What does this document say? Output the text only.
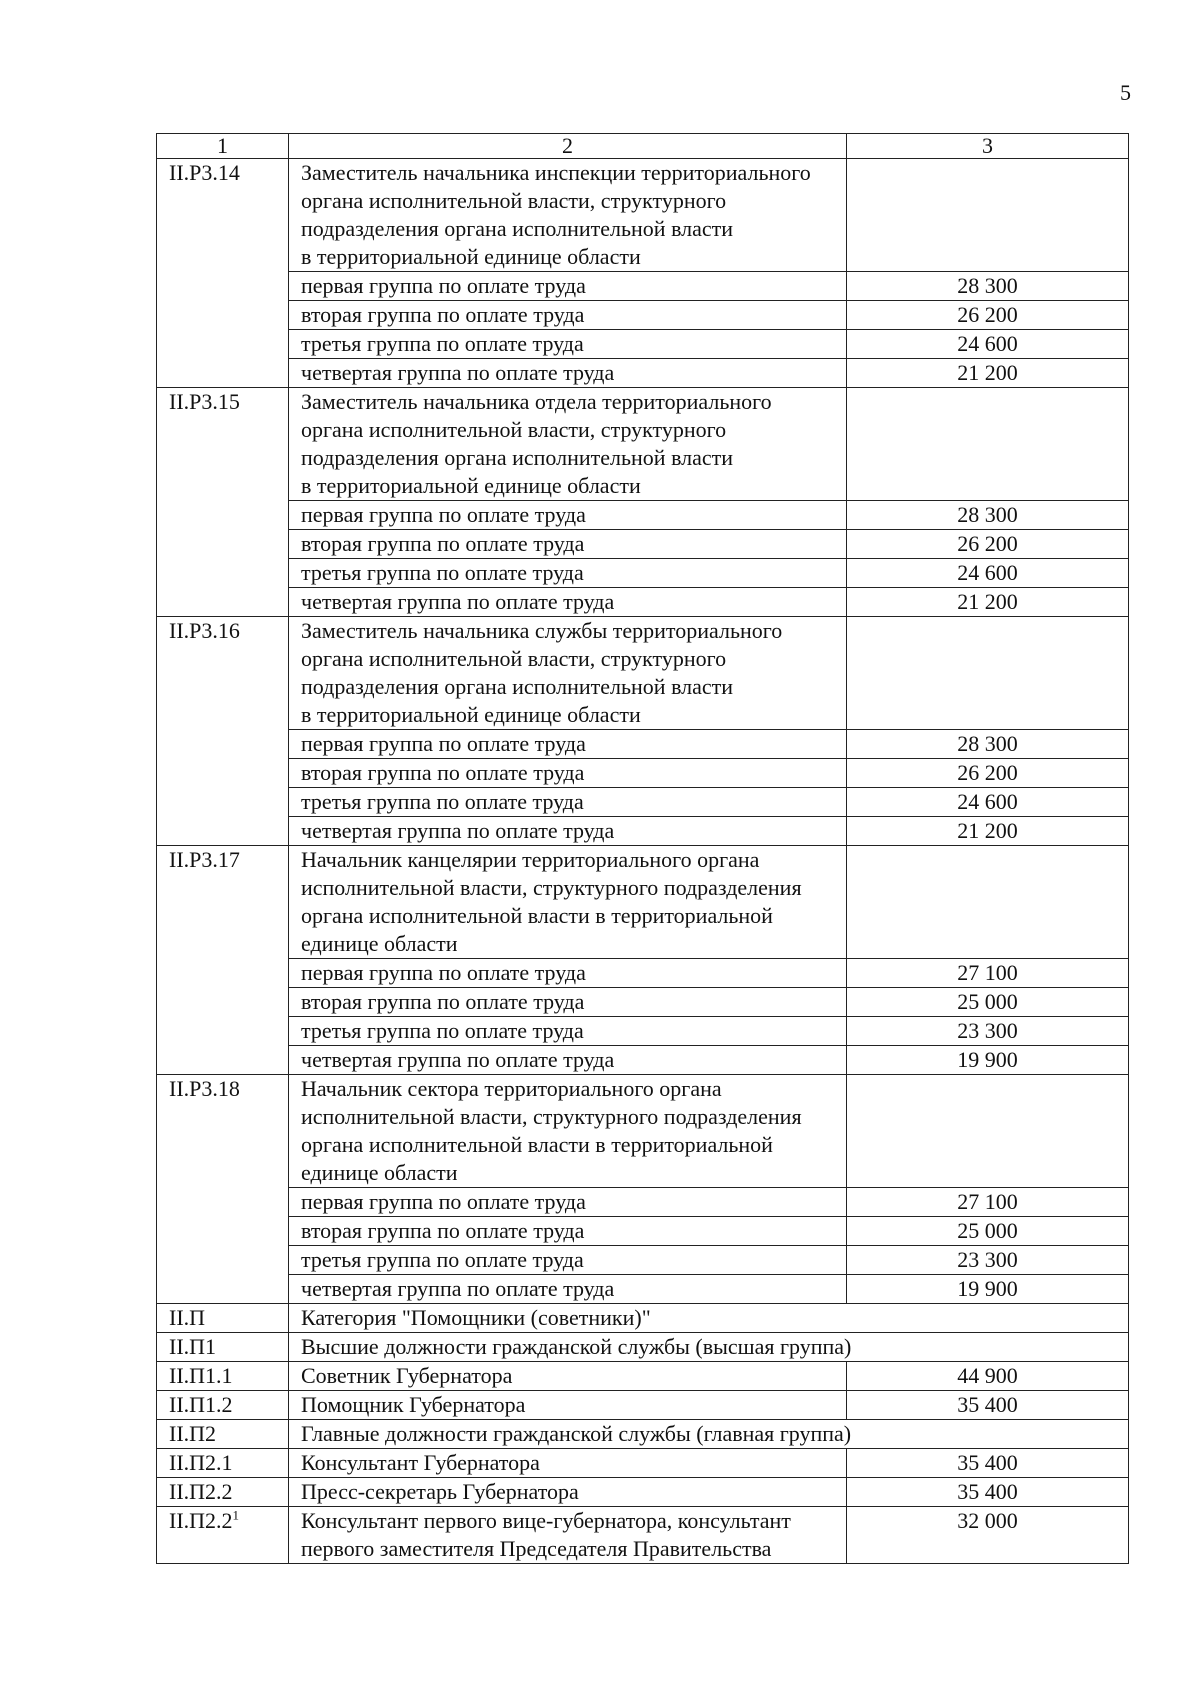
5
1	2	3
II.Р3.14	Заместитель начальника инспекции территориального
органа исполнительной власти, структурного
подразделения органа исполнительной власти
в территориальной единице области	
	первая группа по оплате труда	28 300
	вторая группа по оплате труда	26 200
	третья группа по оплате труда	24 600
	четвертая группа по оплате труда	21 200
II.Р3.15	Заместитель начальника отдела территориального
органа исполнительной власти, структурного
подразделения органа исполнительной власти
в территориальной единице области	
	первая группа по оплате труда	28 300
	вторая группа по оплате труда	26 200
	третья группа по оплате труда	24 600
	четвертая группа по оплате труда	21 200
II.Р3.16	Заместитель начальника службы территориального
органа исполнительной власти, структурного
подразделения органа исполнительной власти
в территориальной единице области	
	первая группа по оплате труда	28 300
	вторая группа по оплате труда	26 200
	третья группа по оплате труда	24 600
	четвертая группа по оплате труда	21 200
II.Р3.17	Начальник канцелярии территориального органа
исполнительной власти, структурного подразделения
органа исполнительной власти в территориальной
единице области	
	первая группа по оплате труда	27 100
	вторая группа по оплате труда	25 000
	третья группа по оплате труда	23 300
	четвертая группа по оплате труда	19 900
II.Р3.18	Начальник сектора территориального органа
исполнительной власти, структурного подразделения
органа исполнительной власти в территориальной
единице области	
	первая группа по оплате труда	27 100
	вторая группа по оплате труда	25 000
	третья группа по оплате труда	23 300
	четвертая группа по оплате труда	19 900
II.П	Категория "Помощники (советники)"	
II.П1	Высшие должности гражданской службы (высшая группа)	
II.П1.1	Советник Губернатора	44 900
II.П1.2	Помощник Губернатора	35 400
II.П2	Главные должности гражданской службы (главная группа)	
II.П2.1	Консультант Губернатора	35 400
II.П2.2	Пресс-секретарь Губернатора	35 400
$II.П2.2^1$	Консультант первого вице-губернатора, консультант
первого заместителя Председателя Правительства	32 000
